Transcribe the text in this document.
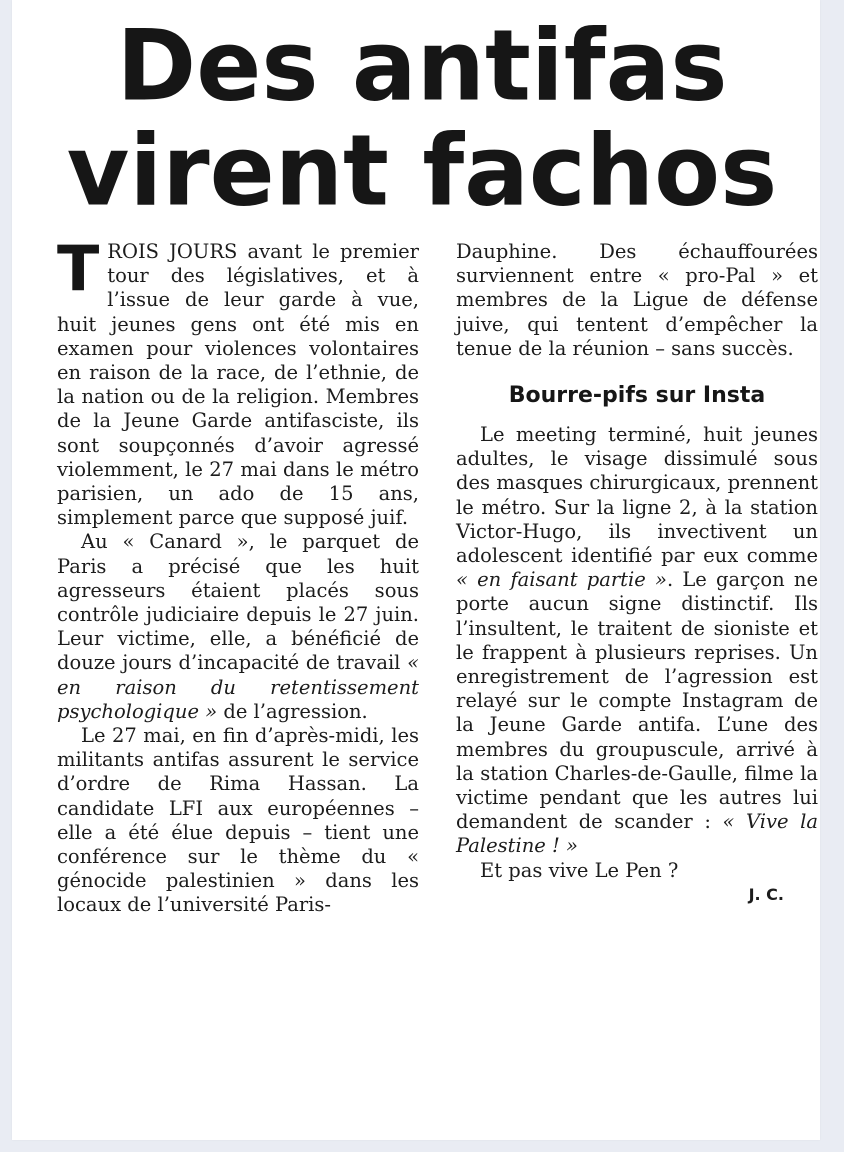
Des antifas
virent fachos

TROIS JOURS avant le premier tour des législatives, et à l’issue de leur garde à vue, huit jeunes gens ont été mis en examen pour violences volontaires en raison de la race, de l’ethnie, de la nation ou de la religion. Membres de la Jeune Garde antifasciste, ils sont soupçonnés d’avoir agressé violemment, le 27 mai dans le métro parisien, un ado de 15 ans, simplement parce que supposé juif.

Au « Canard », le parquet de Paris a précisé que les huit agresseurs étaient placés sous contrôle judiciaire depuis le 27 juin. Leur victime, elle, a bénéficié de douze jours d’incapacité de travail « en raison du retentissement psychologique » de l’agression.

Le 27 mai, en fin d’après-midi, les militants antifas assurent le service d’ordre de Rima Hassan. La candidate LFI aux européennes – elle a été élue depuis – tient une conférence sur le thème du « génocide palestinien » dans les locaux de l’université Paris-

Dauphine. Des échauffourées surviennent entre « pro-Pal » et membres de la Ligue de défense juive, qui tentent d’empêcher la tenue de la réunion – sans succès.

Bourre-pifs sur Insta

Le meeting terminé, huit jeunes adultes, le visage dissimulé sous des masques chirurgicaux, prennent le métro. Sur la ligne 2, à la station Victor-Hugo, ils invectivent un adolescent identifié par eux comme « en faisant partie ». Le garçon ne porte aucun signe distinctif. Ils l’insultent, le traitent de sioniste et le frappent à plusieurs reprises. Un enregistrement de l’agression est relayé sur le compte Instagram de la Jeune Garde antifa. L’une des membres du groupuscule, arrivé à la station Charles-de-Gaulle, filme la victime pendant que les autres lui demandent de scander : « Vive la Palestine ! »

Et pas vive Le Pen ?

J. C.
